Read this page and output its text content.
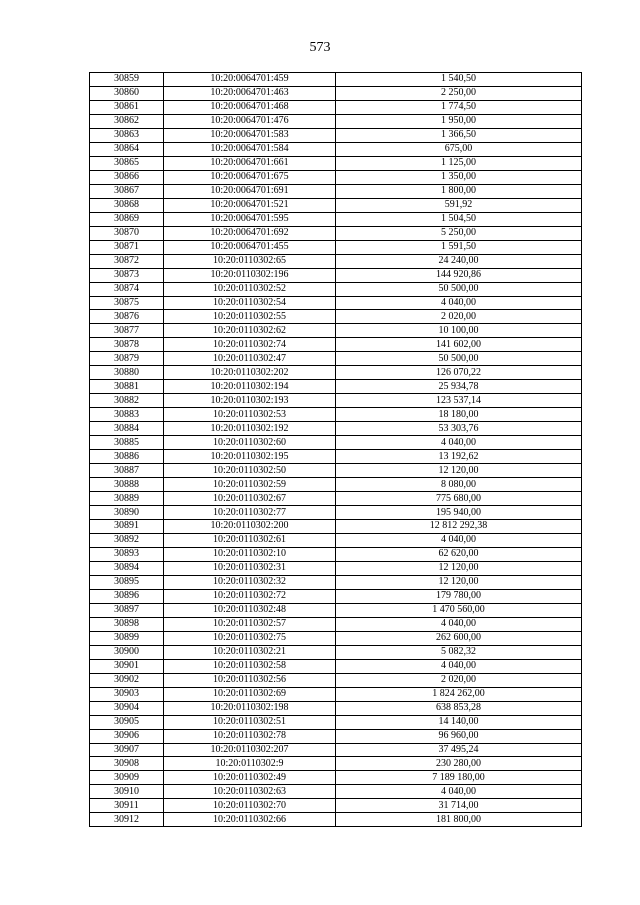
573
30859	10:20:0064701:459	1 540,50
30860	10:20:0064701:463	2 250,00
30861	10:20:0064701:468	1 774,50
30862	10:20:0064701:476	1 950,00
30863	10:20:0064701:583	1 366,50
30864	10:20:0064701:584	675,00
30865	10:20:0064701:661	1 125,00
30866	10:20:0064701:675	1 350,00
30867	10:20:0064701:691	1 800,00
30868	10:20:0064701:521	591,92
30869	10:20:0064701:595	1 504,50
30870	10:20:0064701:692	5 250,00
30871	10:20:0064701:455	1 591,50
30872	10:20:0110302:65	24 240,00
30873	10:20:0110302:196	144 920,86
30874	10:20:0110302:52	50 500,00
30875	10:20:0110302:54	4 040,00
30876	10:20:0110302:55	2 020,00
30877	10:20:0110302:62	10 100,00
30878	10:20:0110302:74	141 602,00
30879	10:20:0110302:47	50 500,00
30880	10:20:0110302:202	126 070,22
30881	10:20:0110302:194	25 934,78
30882	10:20:0110302:193	123 537,14
30883	10:20:0110302:53	18 180,00
30884	10:20:0110302:192	53 303,76
30885	10:20:0110302:60	4 040,00
30886	10:20:0110302:195	13 192,62
30887	10:20:0110302:50	12 120,00
30888	10:20:0110302:59	8 080,00
30889	10:20:0110302:67	775 680,00
30890	10:20:0110302:77	195 940,00
30891	10:20:0110302:200	12 812 292,38
30892	10:20:0110302:61	4 040,00
30893	10:20:0110302:10	62 620,00
30894	10:20:0110302:31	12 120,00
30895	10:20:0110302:32	12 120,00
30896	10:20:0110302:72	179 780,00
30897	10:20:0110302:48	1 470 560,00
30898	10:20:0110302:57	4 040,00
30899	10:20:0110302:75	262 600,00
30900	10:20:0110302:21	5 082,32
30901	10:20:0110302:58	4 040,00
30902	10:20:0110302:56	2 020,00
30903	10:20:0110302:69	1 824 262,00
30904	10:20:0110302:198	638 853,28
30905	10:20:0110302:51	14 140,00
30906	10:20:0110302:78	96 960,00
30907	10:20:0110302:207	37 495,24
30908	10:20:0110302:9	230 280,00
30909	10:20:0110302:49	7 189 180,00
30910	10:20:0110302:63	4 040,00
30911	10:20:0110302:70	31 714,00
30912	10:20:0110302:66	181 800,00
